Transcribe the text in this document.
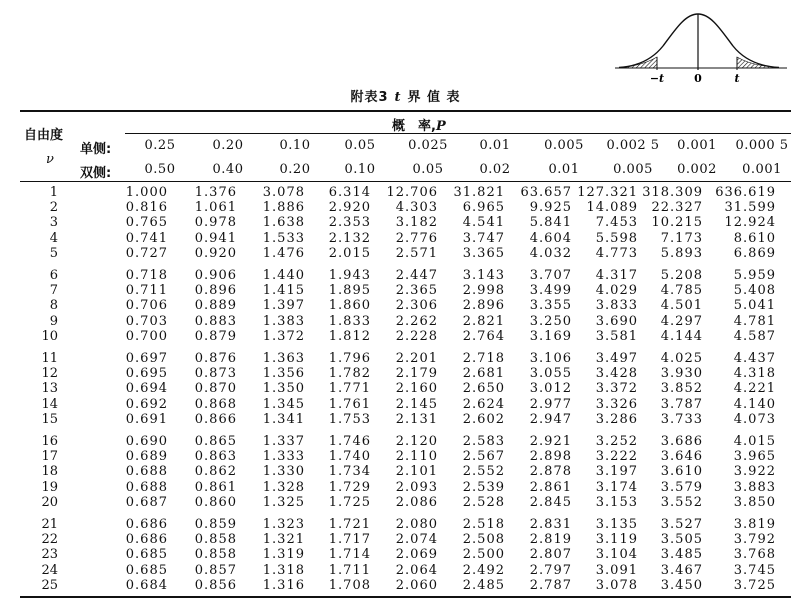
−t	0	t
附表3 t 界 值 表
自由度
ν
概　率,P
单侧:
双侧:
0.25	0.20	0.10	0.05	0.025	0.01	0.005	0.002 5	0.001	0.000 5
0.50	0.40	0.20	0.10	0.05	0.02	0.01	0.005	0.002	0.001
1	1.000 1.376 3.078 6.314 12.706 31.821 63.657 127.321 318.309 636.619
2	0.816 1.061 1.886 2.920 4.303 6.965 9.925 14.089 22.327 31.599
3	0.765 0.978 1.638 2.353 3.182 4.541 5.841 7.453 10.215 12.924
4	0.741 0.941 1.533 2.132 2.776 3.747 4.604 5.598 7.173 8.610
5	0.727 0.920 1.476 2.015 2.571 3.365 4.032 4.773 5.893 6.869
6	0.718 0.906 1.440 1.943 2.447 3.143 3.707 4.317 5.208 5.959
7	0.711 0.896 1.415 1.895 2.365 2.998 3.499 4.029 4.785 5.408
8	0.706 0.889 1.397 1.860 2.306 2.896 3.355 3.833 4.501 5.041
9	0.703 0.883 1.383 1.833 2.262 2.821 3.250 3.690 4.297 4.781
10	0.700 0.879 1.372 1.812 2.228 2.764 3.169 3.581 4.144 4.587
11	0.697 0.876 1.363 1.796 2.201 2.718 3.106 3.497 4.025 4.437
12	0.695 0.873 1.356 1.782 2.179 2.681 3.055 3.428 3.930 4.318
13	0.694 0.870 1.350 1.771 2.160 2.650 3.012 3.372 3.852 4.221
14	0.692 0.868 1.345 1.761 2.145 2.624 2.977 3.326 3.787 4.140
15	0.691 0.866 1.341 1.753 2.131 2.602 2.947 3.286 3.733 4.073
16	0.690 0.865 1.337 1.746 2.120 2.583 2.921 3.252 3.686 4.015
17	0.689 0.863 1.333 1.740 2.110 2.567 2.898 3.222 3.646 3.965
18	0.688 0.862 1.330 1.734 2.101 2.552 2.878 3.197 3.610 3.922
19	0.688 0.861 1.328 1.729 2.093 2.539 2.861 3.174 3.579 3.883
20	0.687 0.860 1.325 1.725 2.086 2.528 2.845 3.153 3.552 3.850
21	0.686 0.859 1.323 1.721 2.080 2.518 2.831 3.135 3.527 3.819
22	0.686 0.858 1.321 1.717 2.074 2.508 2.819 3.119 3.505 3.792
23	0.685 0.858 1.319 1.714 2.069 2.500 2.807 3.104 3.485 3.768
24	0.685 0.857 1.318 1.711 2.064 2.492 2.797 3.091 3.467 3.745
25	0.684 0.856 1.316 1.708 2.060 2.485 2.787 3.078 3.450 3.725
